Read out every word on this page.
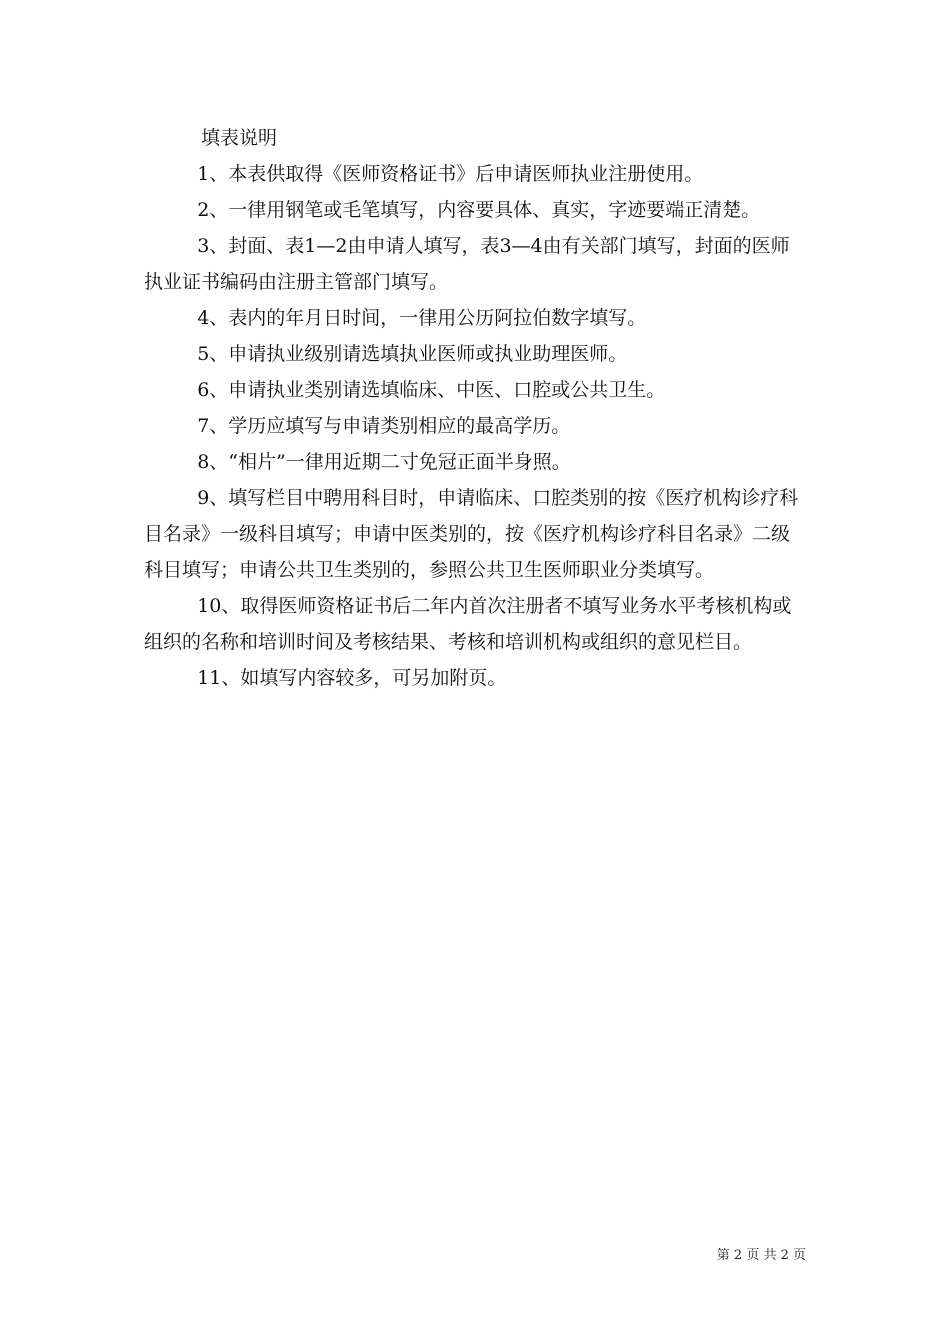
填表说明

1、本表供取得《医师资格证书》后申请医师执业注册使用。

2、一律用钢笔或毛笔填写，内容要具体、真实，字迹要端正清楚。

3、封面、表1—2由申请人填写，表3—4由有关部门填写，封面的医师执业证书编码由注册主管部门填写。

4、表内的年月日时间，一律用公历阿拉伯数字填写。

5、申请执业级别请选填执业医师或执业助理医师。

6、申请执业类别请选填临床、中医、口腔或公共卫生。

7、学历应填写与申请类别相应的最高学历。

8、“相片”一律用近期二寸免冠正面半身照。

9、填写栏目中聘用科目时，申请临床、口腔类别的按《医疗机构诊疗科目名录》一级科目填写；申请中医类别的，按《医疗机构诊疗科目名录》二级科目填写；申请公共卫生类别的，参照公共卫生医师职业分类填写。

10、取得医师资格证书后二年内首次注册者不填写业务水平考核机构或组织的名称和培训时间及考核结果、考核和培训机构或组织的意见栏目。

11、如填写内容较多，可另加附页。

第 2 页 共 2 页
